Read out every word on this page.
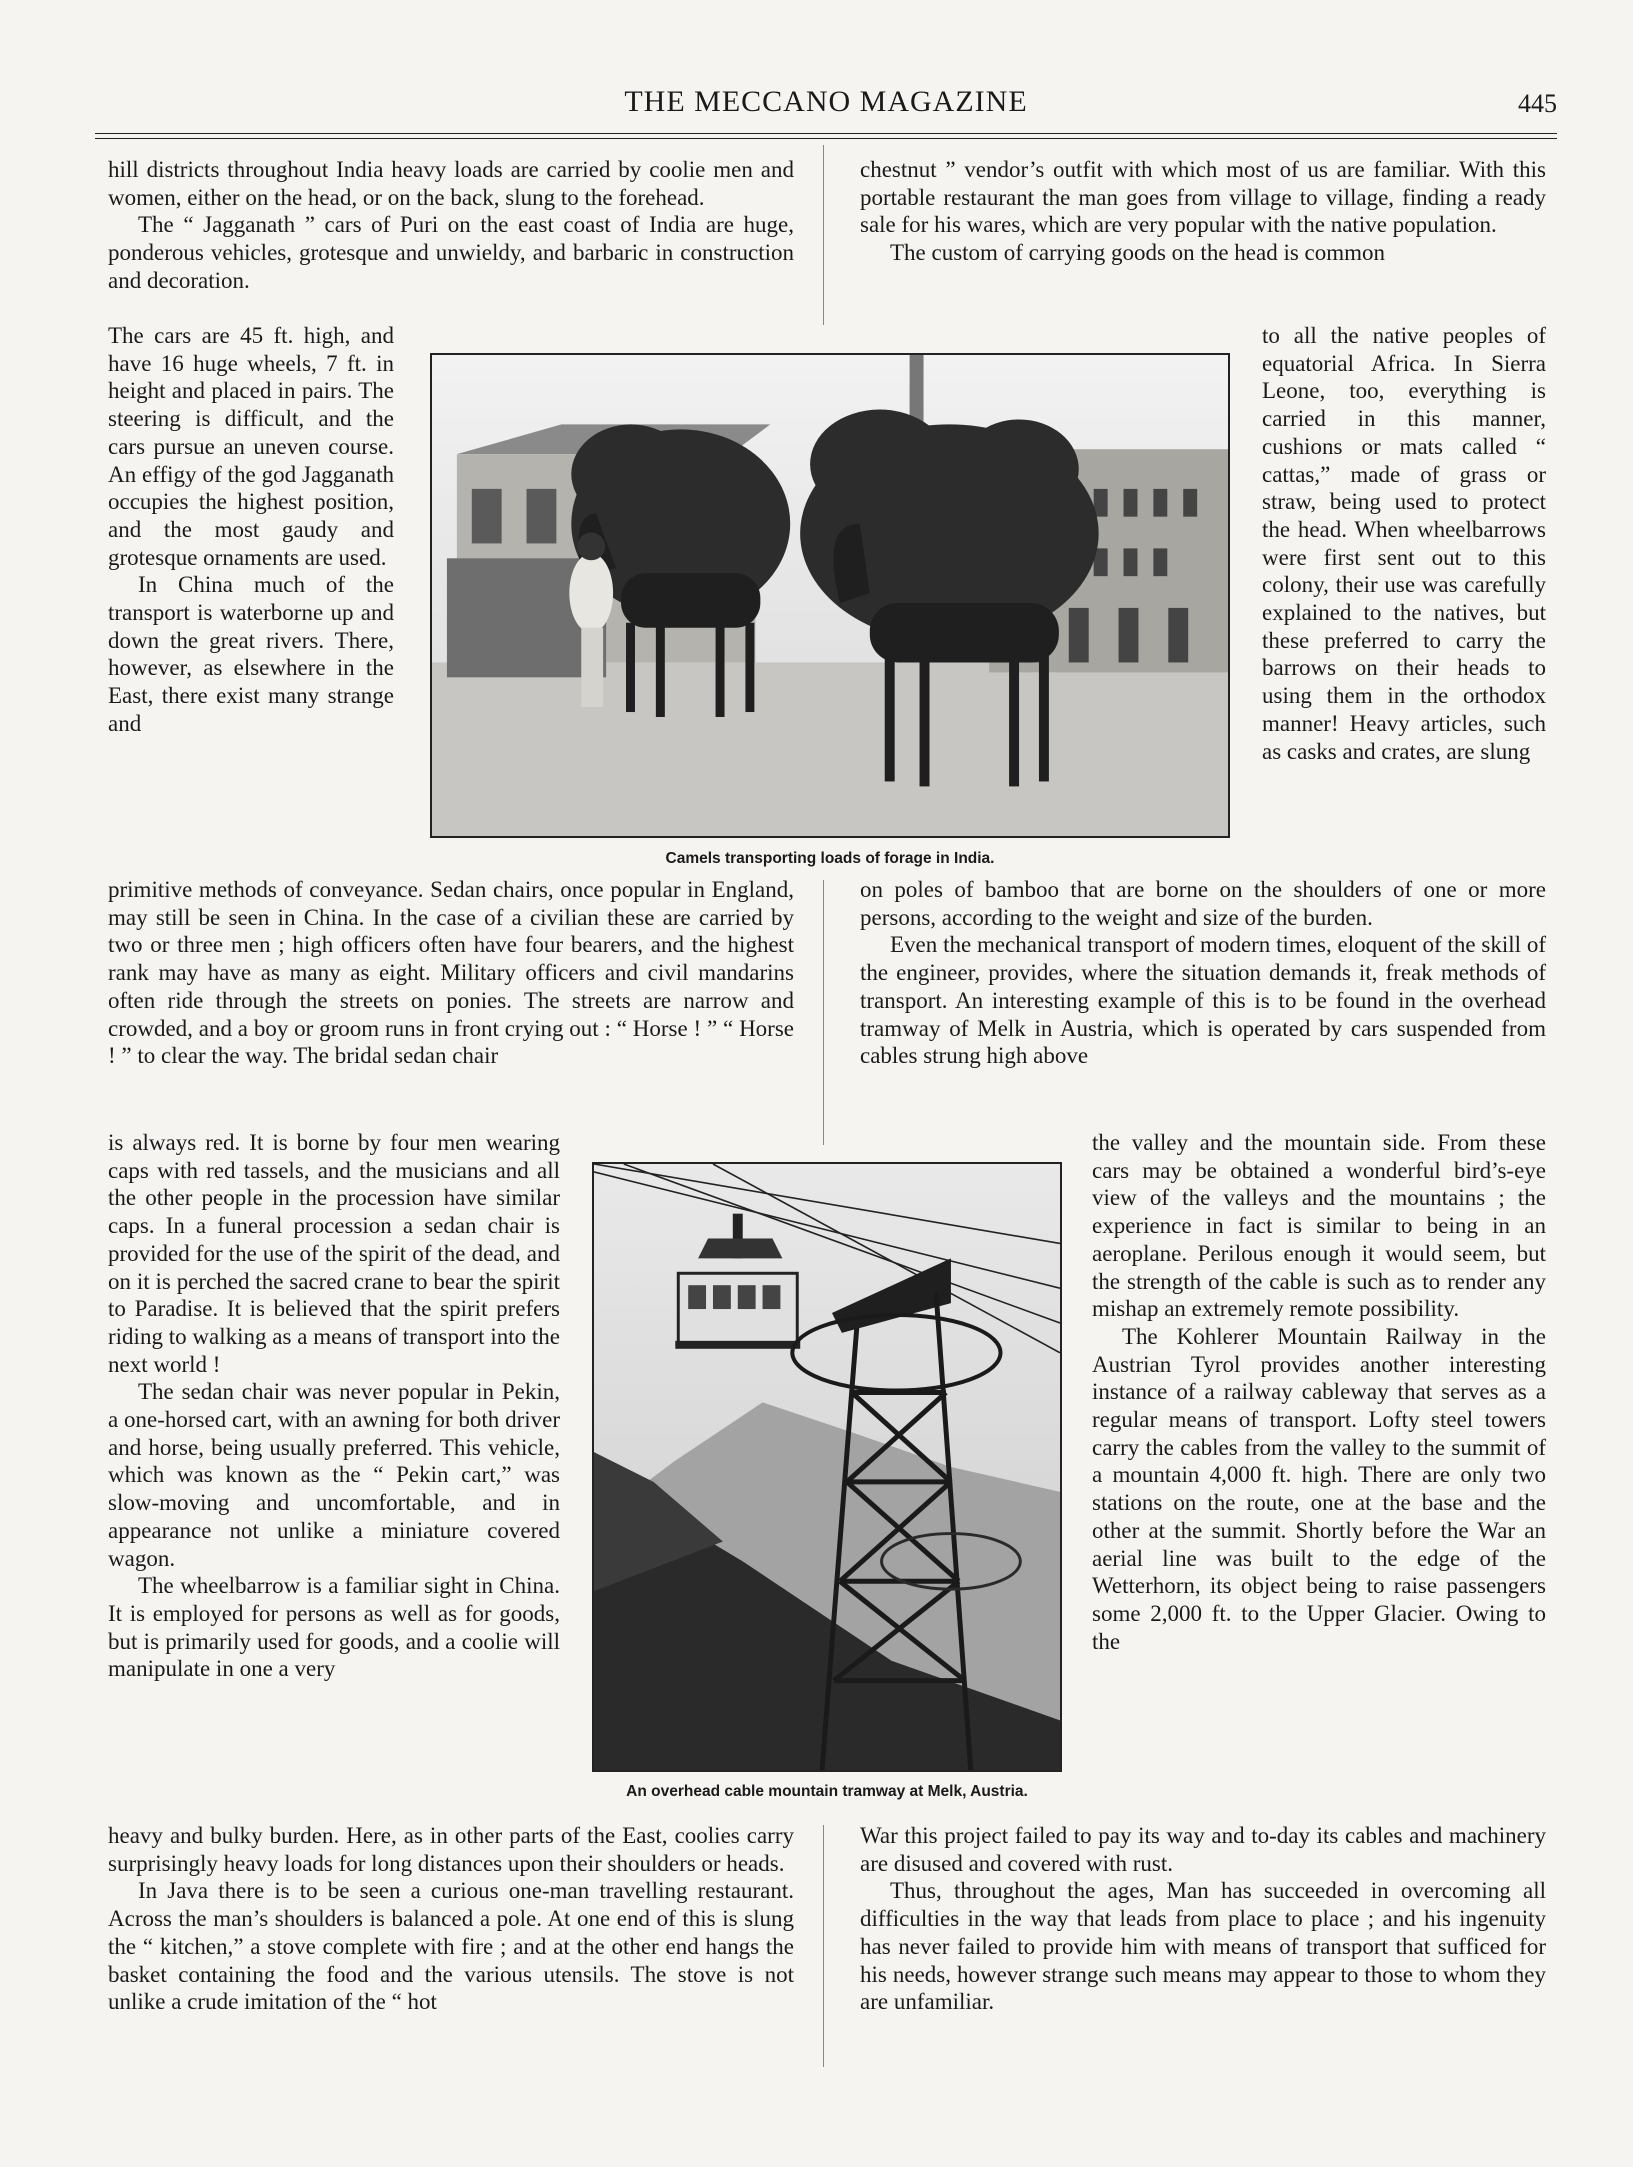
THE MECCANO MAGAZINE	445

hill districts throughout India heavy loads are carried by coolie men and women, either on the head, or on the back, slung to the forehead.

The “ Jagganath ” cars of Puri on the east coast of India are huge, ponderous vehicles, grotesque and unwieldy, and barbaric in construction and decoration.

The cars are 45 ft. high, and have 16 huge wheels, 7 ft. in height and placed in pairs. The steering is difficult, and the cars pursue an uneven course. An effigy of the god Jagganath occupies the highest position, and the most gaudy and grotesque ornaments are used.

In China much of the transport is waterborne up and down the great rivers. There, however, as elsewhere in the East, there exist many strange and

primitive methods of conveyance. Sedan chairs, once popular in England, may still be seen in China. In the case of a civilian these are carried by two or three men ; high officers often have four bearers, and the highest rank may have as many as eight. Military officers and civil mandarins often ride through the streets on ponies. The streets are narrow and crowded, and a boy or groom runs in front crying out : “ Horse ! ” “ Horse ! ” to clear the way. The bridal sedan chair

is always red. It is borne by four men wearing caps with red tassels, and the musicians and all the other people in the procession have similar caps. In a funeral procession a sedan chair is provided for the use of the spirit of the dead, and on it is perched the sacred crane to bear the spirit to Paradise. It is believed that the spirit prefers riding to walking as a means of transport into the next world !

The sedan chair was never popular in Pekin, a one-horsed cart, with an awning for both driver and horse, being usually preferred. This vehicle, which was known as the “ Pekin cart,” was slow-moving and uncomfortable, and in appearance not unlike a miniature covered wagon.

The wheelbarrow is a familiar sight in China. It is employed for persons as well as for goods, but is primarily used for goods, and a coolie will manipulate in one a very

heavy and bulky burden. Here, as in other parts of the East, coolies carry surprisingly heavy loads for long distances upon their shoulders or heads.

In Java there is to be seen a curious one-man travelling restaurant. Across the man’s shoulders is balanced a pole. At one end of this is slung the “ kitchen,” a stove complete with fire ; and at the other end hangs the basket containing the food and the various utensils. The stove is not unlike a crude imitation of the “ hot

chestnut ” vendor’s outfit with which most of us are familiar. With this portable restaurant the man goes from village to village, finding a ready sale for his wares, which are very popular with the native population.

The custom of carrying goods on the head is common

to all the native peoples of equatorial Africa. In Sierra Leone, too, everything is carried in this manner, cushions or mats called “ cattas,” made of grass or straw, being used to protect the head. When wheelbarrows were first sent out to this colony, their use was carefully explained to the natives, but these preferred to carry the barrows on their heads to using them in the orthodox manner! Heavy articles, such as casks and crates, are slung

on poles of bamboo that are borne on the shoulders of one or more persons, according to the weight and size of the burden.

Even the mechanical transport of modern times, eloquent of the skill of the engineer, provides, where the situation demands it, freak methods of transport. An interesting example of this is to be found in the overhead tramway of Melk in Austria, which is operated by cars suspended from cables strung high above

the valley and the mountain side. From these cars may be obtained a wonderful bird’s-eye view of the valleys and the mountains ; the experience in fact is similar to being in an aeroplane. Perilous enough it would seem, but the strength of the cable is such as to render any mishap an extremely remote possibility.

The Kohlerer Mountain Railway in the Austrian Tyrol provides another interesting instance of a railway cableway that serves as a regular means of transport. Lofty steel towers carry the cables from the valley to the summit of a mountain 4,000 ft. high. There are only two stations on the route, one at the base and the other at the summit. Shortly before the War an aerial line was built to the edge of the Wetterhorn, its object being to raise passengers some 2,000 ft. to the Upper Glacier. Owing to the

War this project failed to pay its way and to-day its cables and machinery are disused and covered with rust.

Thus, throughout the ages, Man has succeeded in overcoming all difficulties in the way that leads from place to place ; and his ingenuity has never failed to provide him with means of transport that sufficed for his needs, however strange such means may appear to those to whom they are unfamiliar.

Camels transporting loads of forage in India.
An overhead cable mountain tramway at Melk, Austria.
